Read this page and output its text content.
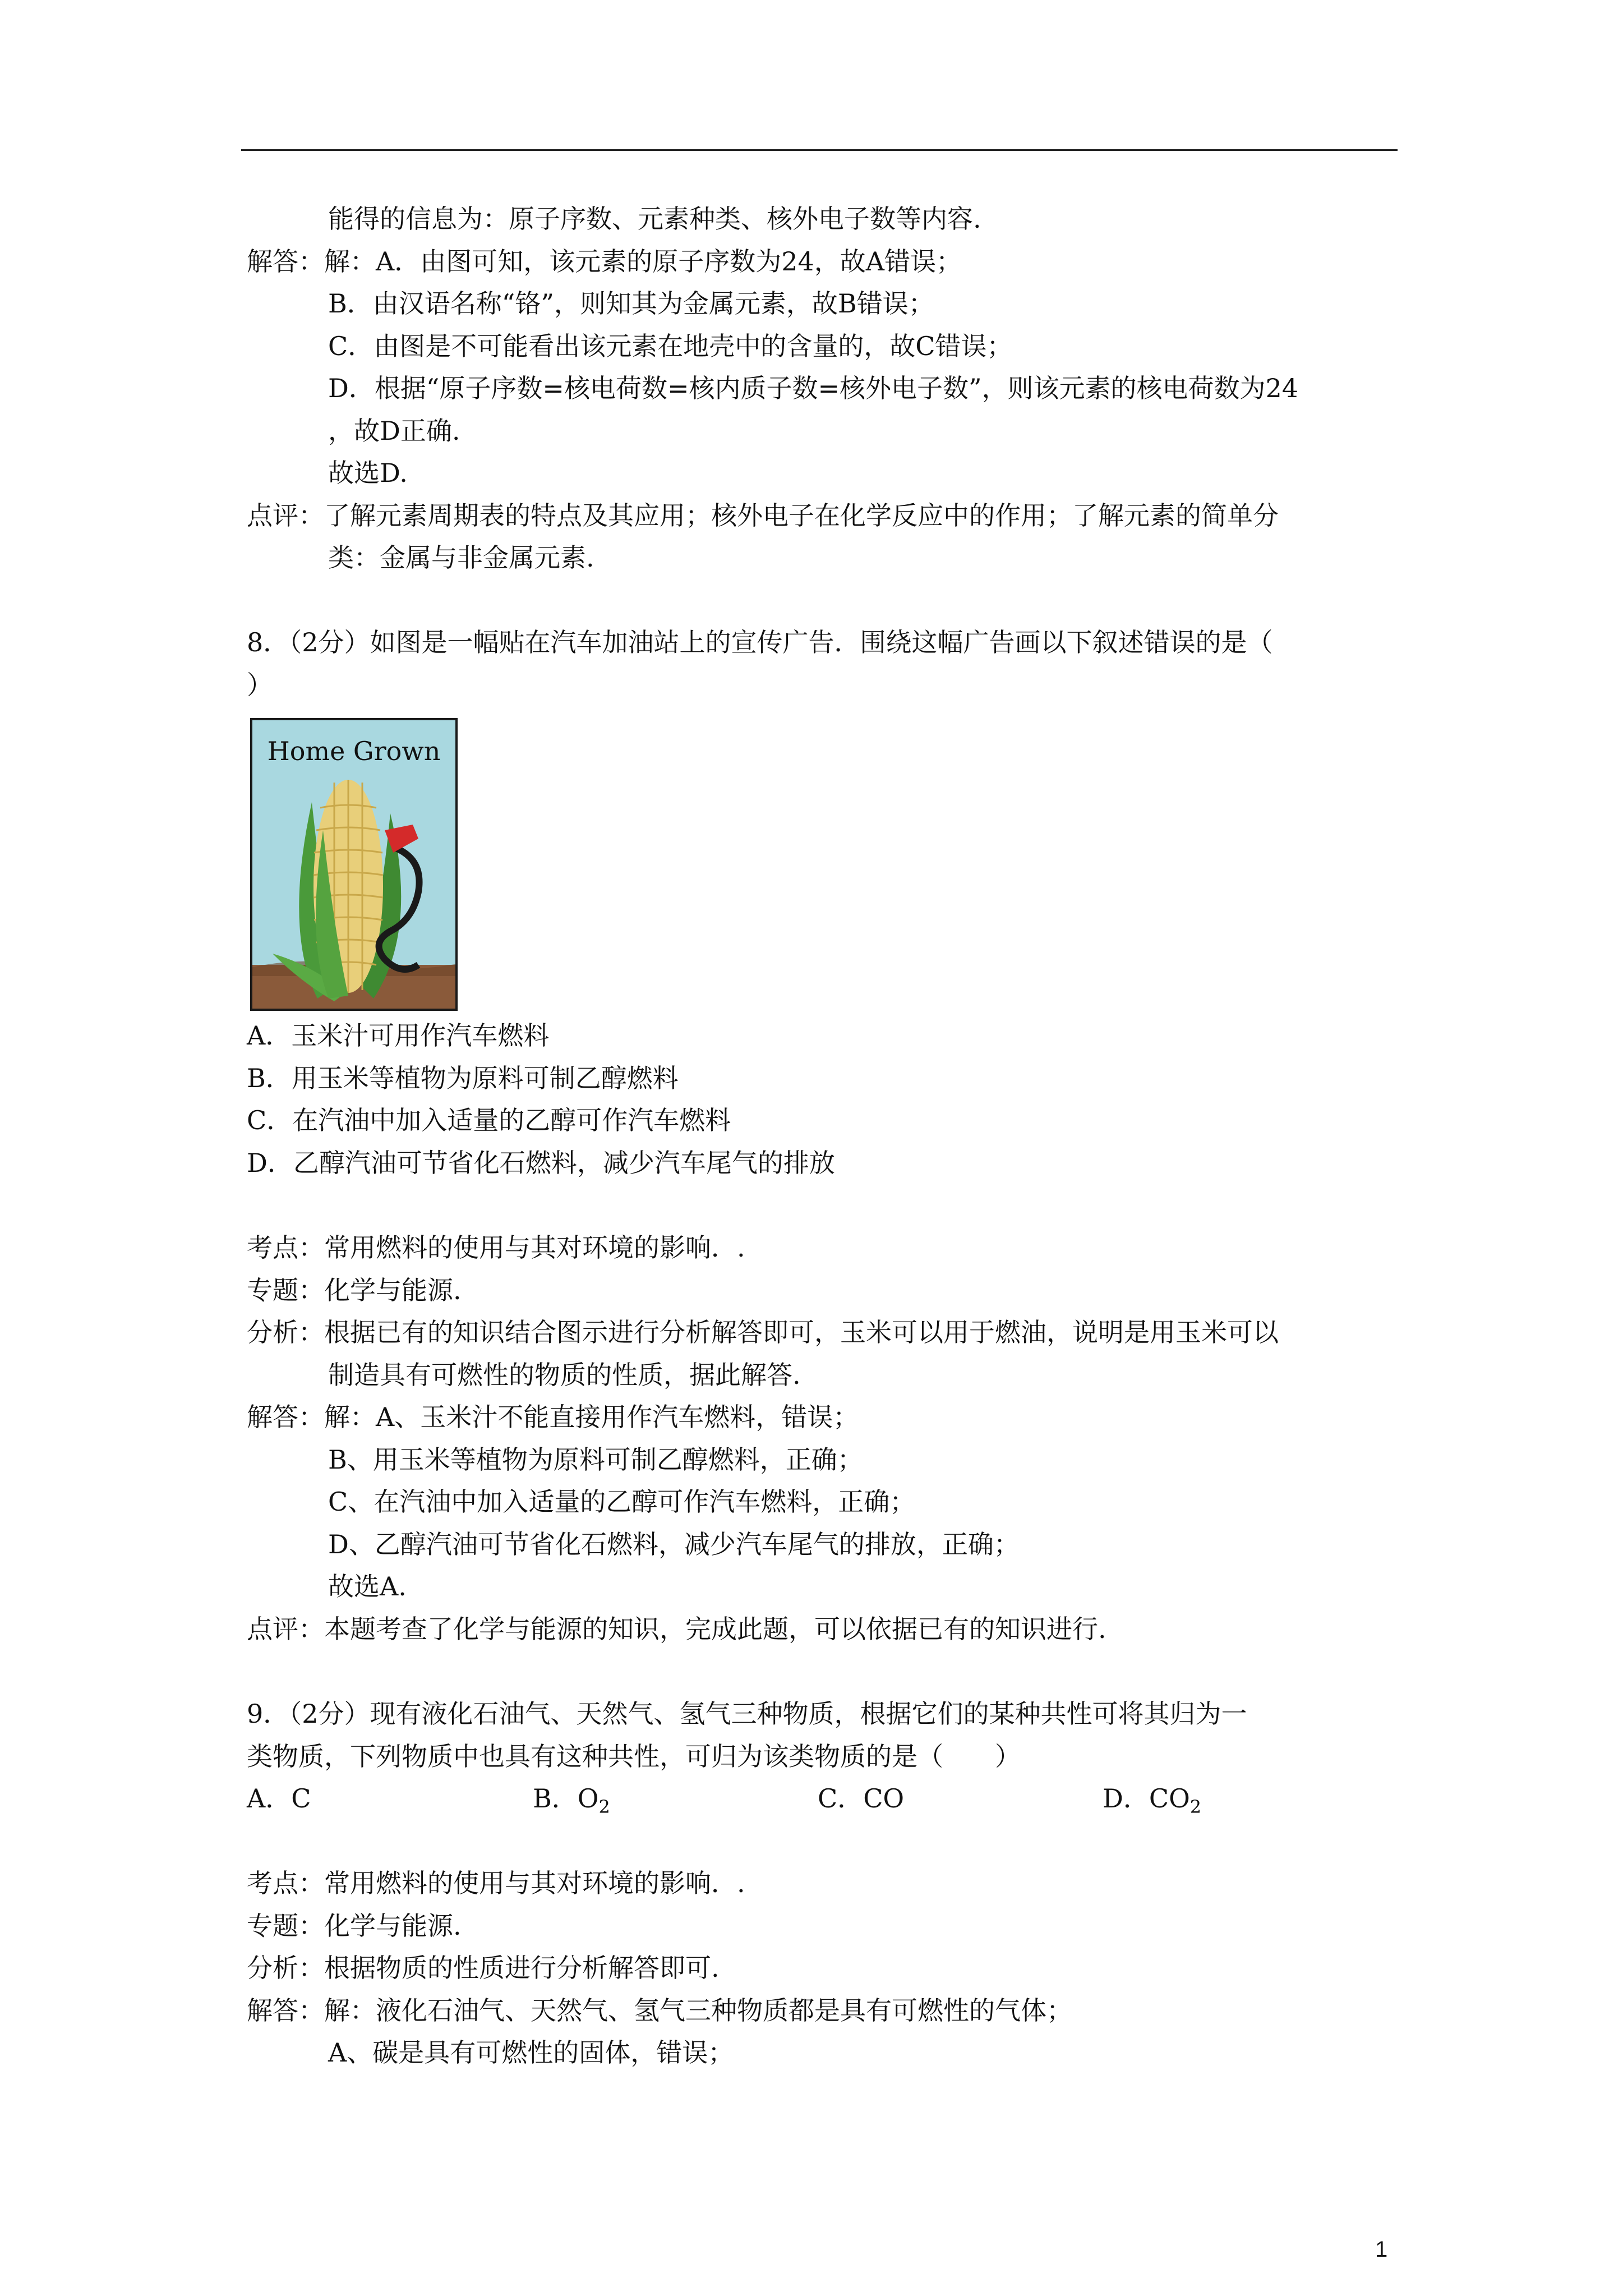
能得的信息为：原子序数、元素种类、核外电子数等内容.
解答：解：A．由图可知，该元素的原子序数为24，故A错误；
B．由汉语名称“铬”，则知其为金属元素，故B错误；
C．由图是不可能看出该元素在地壳中的含量的，故C错误；
D．根据“原子序数=核电荷数=核内质子数=核外电子数”，则该元素的核电荷数为24
，故D正确.
故选D.
点评：了解元素周期表的特点及其应用；核外电子在化学反应中的作用；了解元素的简单分
类：金属与非金属元素.
8．（2分）如图是一幅贴在汽车加油站上的宣传广告．围绕这幅广告画以下叙述错误的是（
）
Home Grown
A．玉米汁可用作汽车燃料
B．用玉米等植物为原料可制乙醇燃料
C．在汽油中加入适量的乙醇可作汽车燃料
D．乙醇汽油可节省化石燃料，减少汽车尾气的排放
考点：常用燃料的使用与其对环境的影响．.
专题：化学与能源.
分析：根据已有的知识结合图示进行分析解答即可，玉米可以用于燃油，说明是用玉米可以
制造具有可燃性的物质的性质，据此解答.
解答：解：A、玉米汁不能直接用作汽车燃料，错误；
B、用玉米等植物为原料可制乙醇燃料，正确；
C、在汽油中加入适量的乙醇可作汽车燃料，正确；
D、乙醇汽油可节省化石燃料，减少汽车尾气的排放，正确；
故选A.
点评：本题考查了化学与能源的知识，完成此题，可以依据已有的知识进行.
9．（2分）现有液化石油气、天然气、氢气三种物质，根据它们的某种共性可将其归为一
类物质，下列物质中也具有这种共性，可归为该类物质的是（　　）
A．C	B．$O_2$	C．CO	D．$CO_2$
考点：常用燃料的使用与其对环境的影响．.
专题：化学与能源.
分析：根据物质的性质进行分析解答即可.
解答：解：液化石油气、天然气、氢气三种物质都是具有可燃性的气体；
A、碳是具有可燃性的固体，错误；
1
